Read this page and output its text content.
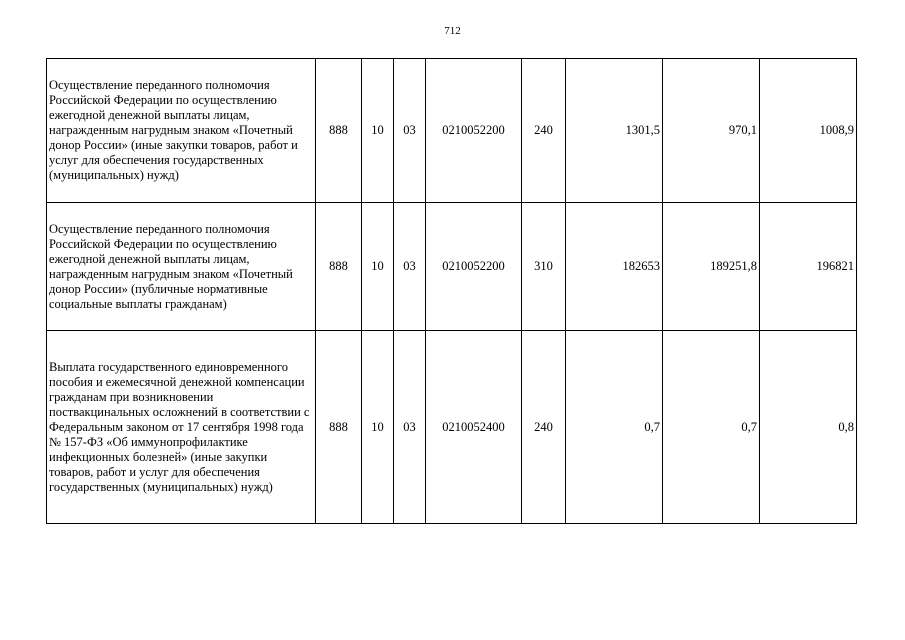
712
Осуществление переданного полномочия Российской Федерации по осуществлению ежегодной денежной выплаты лицам, награжденным нагрудным знаком «Почетный донор России» (иные закупки товаров, работ и услуг для обеспечения государственных (муниципальных) нужд)	888	10	03	0210052200	240	1301,5	970,1	1008,9
Осуществление переданного полномочия Российской Федерации по осуществлению ежегодной денежной выплаты лицам, награжденным нагрудным знаком «Почетный донор России» (публичные нормативные социальные выплаты гражданам)	888	10	03	0210052200	310	182653	189251,8	196821
Выплата государственного единовременного пособия и ежемесячной денежной компенсации гражданам при возникновении поствакцинальных осложнений в соответствии с Федеральным законом от 17 сентября 1998 года № 157-ФЗ «Об иммунопрофилактике инфекционных болезней» (иные закупки товаров, работ и услуг для обеспечения государственных (муниципальных) нужд)	888	10	03	0210052400	240	0,7	0,7	0,8
